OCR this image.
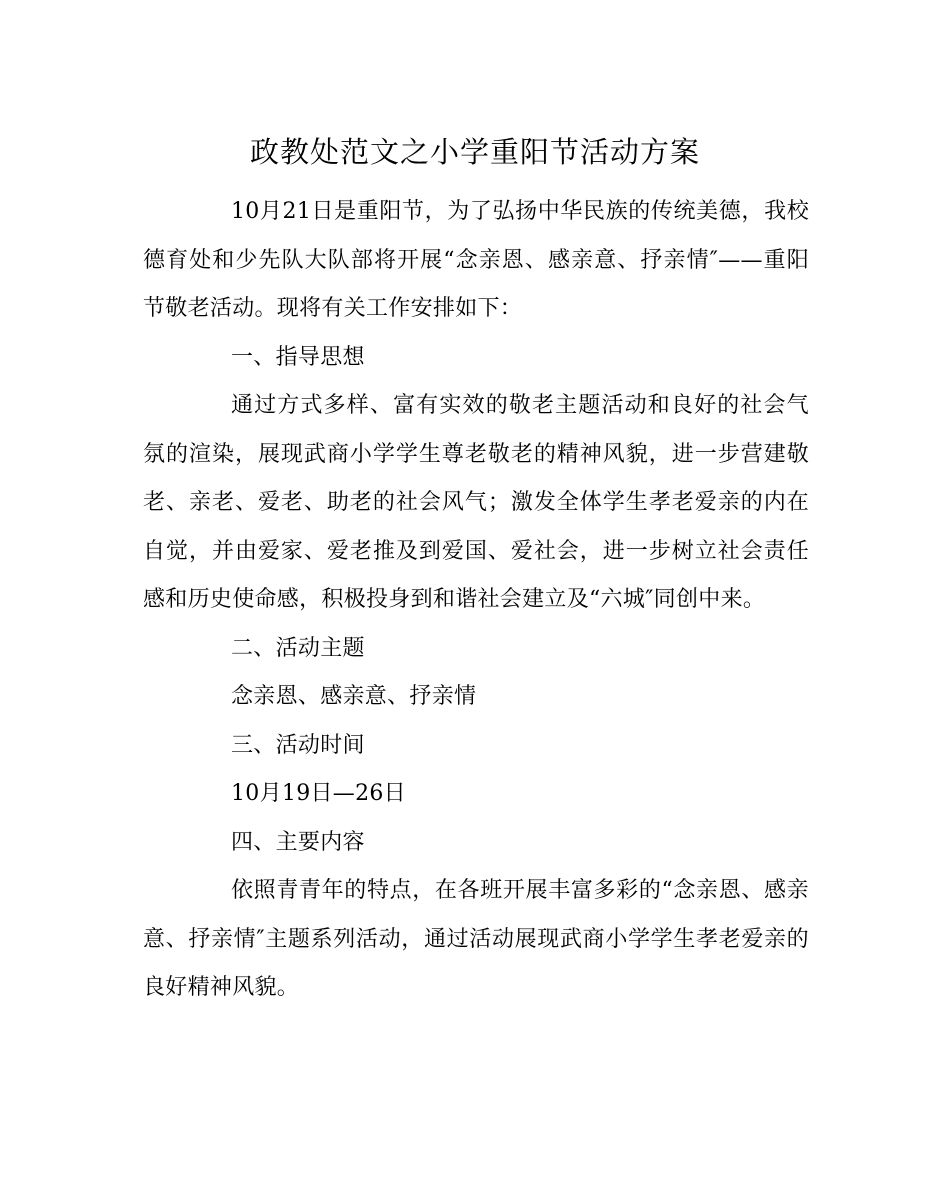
政教处范文之小学重阳节活动方案

10月21日是重阳节，为了弘扬中华民族的传统美德，我校德育处和少先队大队部将开展“念亲恩、感亲意、抒亲情″——重阳节敬老活动。现将有关工作安排如下：

一、指导思想

通过方式多样、富有实效的敬老主题活动和良好的社会气氛的渲染，展现武商小学学生尊老敬老的精神风貌，进一步营建敬老、亲老、爱老、助老的社会风气；激发全体学生孝老爱亲的内在自觉，并由爱家、爱老推及到爱国、爱社会，进一步树立社会责任感和历史使命感，积极投身到和谐社会建立及“六城″同创中来。

二、活动主题

念亲恩、感亲意、抒亲情

三、活动时间

10月19日—26日

四、主要内容

依照青青年的特点，在各班开展丰富多彩的“念亲恩、感亲意、抒亲情″主题系列活动，通过活动展现武商小学学生孝老爱亲的良好精神风貌。
